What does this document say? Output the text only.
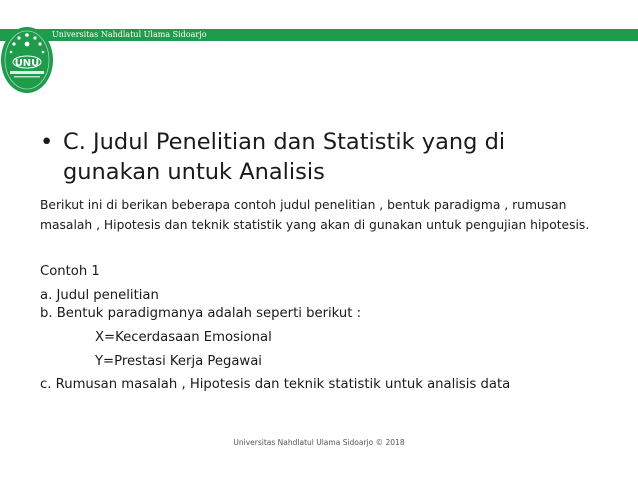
Universitas Nahdlatul Ulama Sidoarjo
UNU
• C. Judul Penelitian dan Statistik yang di gunakan untuk Analisis
Berikut ini di berikan beberapa contoh judul penelitian , bentuk paradigma , rumusan masalah , Hipotesis dan teknik statistik yang akan di gunakan untuk pengujian hipotesis.
Contoh 1
a. Judul penelitian
b. Bentuk paradigmanya adalah seperti berikut :
X=Kecerdasaan Emosional
Y=Prestasi Kerja Pegawai
c. Rumusan masalah , Hipotesis dan teknik statistik untuk analisis data
Universitas Nahdlatul Ulama Sidoarjo © 2018
